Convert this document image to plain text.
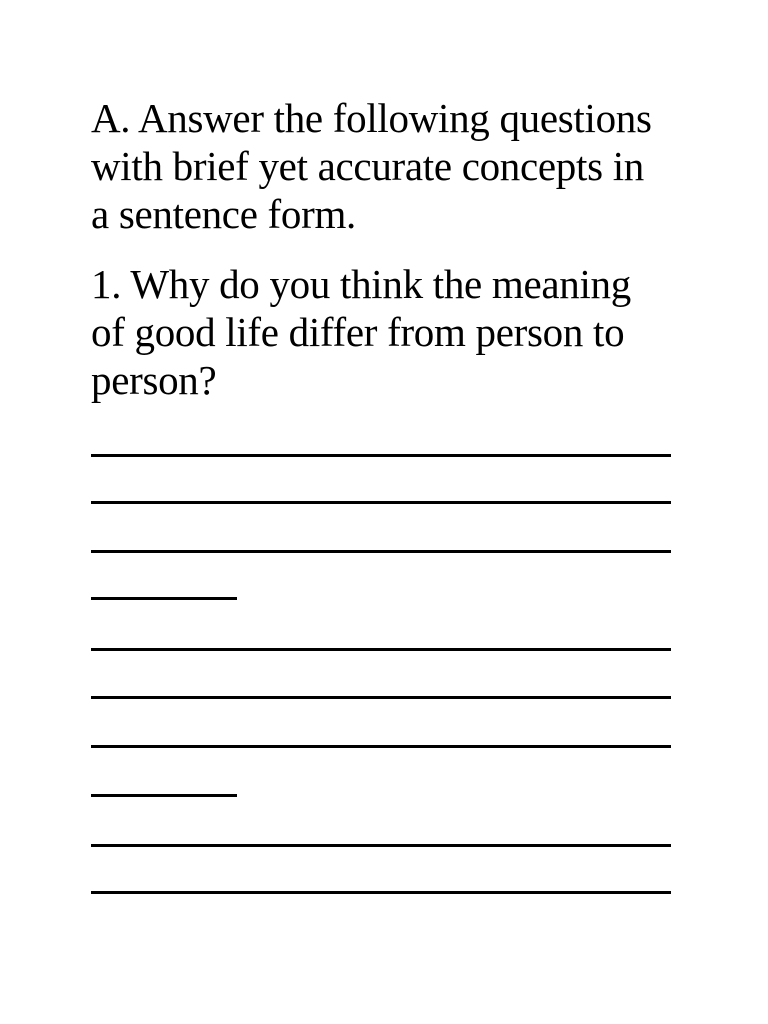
A. Answer the following questions
with brief yet accurate concepts in
a sentence form.
1. Why do you think the meaning
of good life differ from person to
person?
